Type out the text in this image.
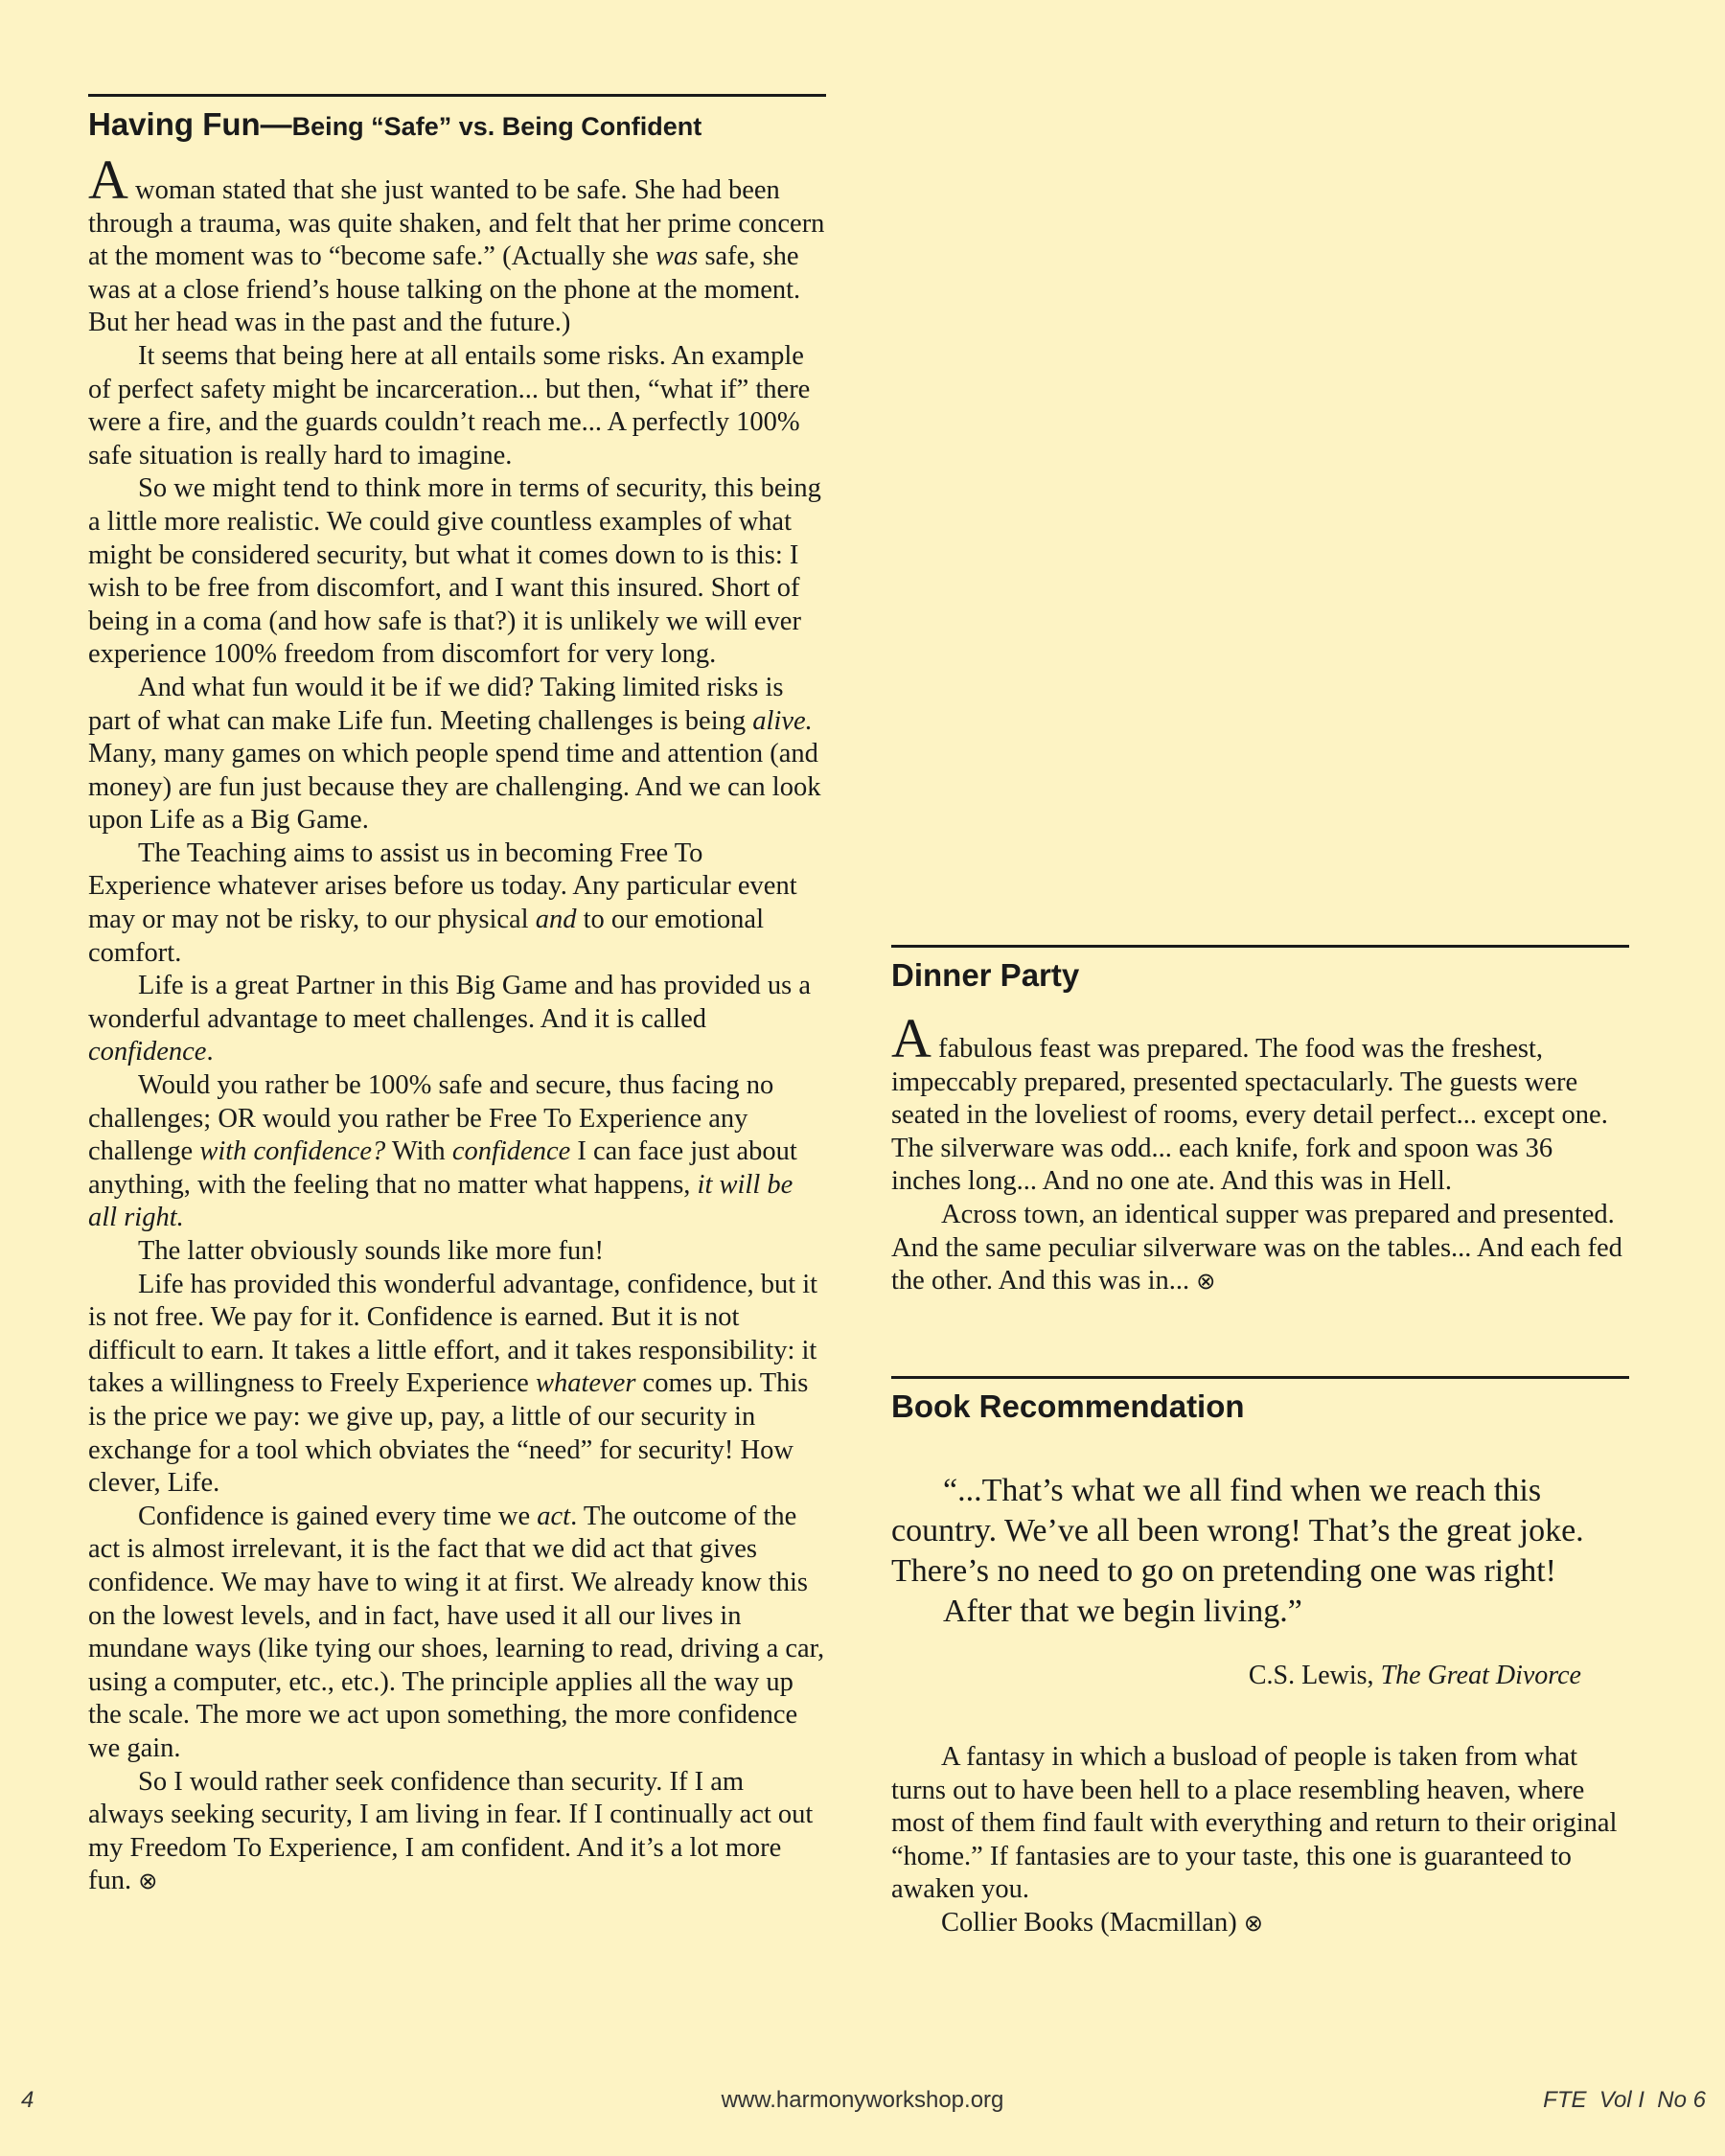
Having Fun—Being “Safe” vs. Being Confident

A woman stated that she just wanted to be safe. She had been through a trauma, was quite shaken, and felt that her prime concern at the moment was to “become safe.” (Actually she was safe, she was at a close friend’s house talking on the phone at the moment. But her head was in the past and the future.)

It seems that being here at all entails some risks. An example of perfect safety might be incarceration... but then, “what if” there were a fire, and the guards couldn’t reach me... A perfectly 100% safe situation is really hard to imagine.

So we might tend to think more in terms of security, this being a little more realistic. We could give countless examples of what might be considered security, but what it comes down to is this: I wish to be free from discomfort, and I want this insured. Short of being in a coma (and how safe is that?) it is unlikely we will ever experience 100% freedom from discomfort for very long.

And what fun would it be if we did? Taking limited risks is part of what can make Life fun. Meeting challenges is being alive. Many, many games on which people spend time and attention (and money) are fun just because they are challenging. And we can look upon Life as a Big Game.

The Teaching aims to assist us in becoming Free To Experience whatever arises before us today. Any particular event may or may not be risky, to our physical and to our emotional comfort.

Life is a great Partner in this Big Game and has provided us a wonderful advantage to meet challenges. And it is called confidence.

Would you rather be 100% safe and secure, thus facing no challenges; OR would you rather be Free To Experience any challenge with confidence? With confidence I can face just about anything, with the feeling that no matter what happens, it will be all right.

The latter obviously sounds like more fun!

Life has provided this wonderful advantage, confidence, but it is not free. We pay for it. Confidence is earned. But it is not difficult to earn. It takes a little effort, and it takes responsibility: it takes a willingness to Freely Experience whatever comes up. This is the price we pay: we give up, pay, a little of our security in exchange for a tool which obviates the “need” for security! How clever, Life.

Confidence is gained every time we act. The outcome of the act is almost irrelevant, it is the fact that we did act that gives confidence. We may have to wing it at first. We already know this on the lowest levels, and in fact, have used it all our lives in mundane ways (like tying our shoes, learning to read, driving a car, using a computer, etc., etc.). The principle applies all the way up the scale. The more we act upon something, the more confidence we gain.

So I would rather seek confidence than security. If I am always seeking security, I am living in fear. If I continually act out my Freedom To Experience, I am confident. And it’s a lot more fun. ⊗

Dinner Party

A fabulous feast was prepared. The food was the freshest, impeccably prepared, presented spectacularly. The guests were seated in the loveliest of rooms, every detail perfect... except one. The silverware was odd... each knife, fork and spoon was 36 inches long... And no one ate. And this was in Hell.

Across town, an identical supper was prepared and presented. And the same peculiar silverware was on the tables... And each fed the other. And this was in... ⊗

Book Recommendation

“...That’s what we all find when we reach this country. We’ve all been wrong! That’s the great joke. There’s no need to go on pretending one was right!

After that we begin living.”

C.S. Lewis, The Great Divorce

A fantasy in which a busload of people is taken from what turns out to have been hell to a place resembling heaven, where most of them find fault with everything and return to their original “home.” If fantasies are to your taste, this one is guaranteed to awaken you.

Collier Books (Macmillan) ⊗

www.harmonyworkshop.org
4	FTE  Vol I  No 6
